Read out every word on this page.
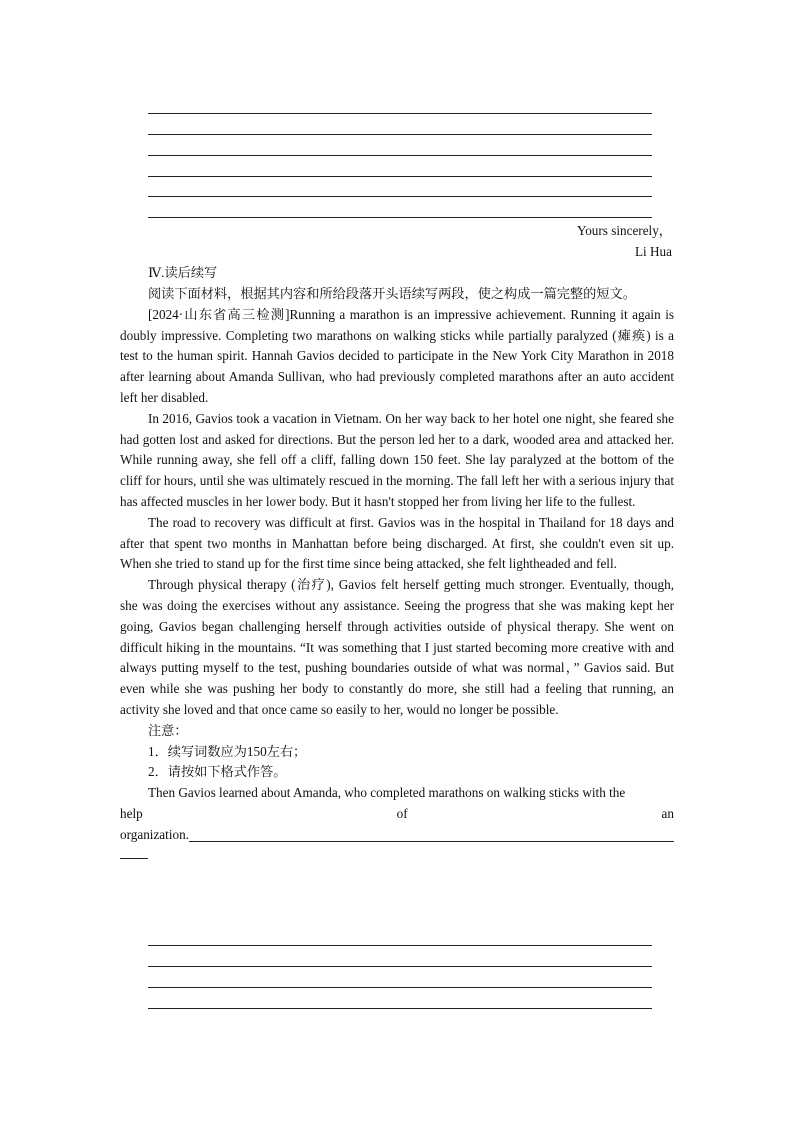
Yours sincerely，
Li Hua
Ⅳ.读后续写

阅读下面材料，根据其内容和所给段落开头语续写两段，使之构成一篇完整的短文。

[2024·山东省高三检测]Running a marathon is an impressive achievement. Running it again is doubly impressive. Completing two marathons on walking sticks while partially paralyzed (瘫痪) is a test to the human spirit. Hannah Gavios decided to participate in the New York City Marathon in 2018 after learning about Amanda Sullivan, who had previously completed marathons after an auto accident left her disabled.

In 2016, Gavios took a vacation in Vietnam. On her way back to her hotel one night, she feared she had gotten lost and asked for directions. But the person led her to a dark, wooded area and attacked her. While running away, she fell off a cliff, falling down 150 feet. She lay paralyzed at the bottom of the cliff for hours, until she was ultimately rescued in the morning. The fall left her with a serious injury that has affected muscles in her lower body. But it hasn't stopped her from living her life to the fullest.

The road to recovery was difficult at first. Gavios was in the hospital in Thailand for 18 days and after that spent two months in Manhattan before being discharged. At first, she couldn't even sit up. When she tried to stand up for the first time since being attacked, she felt lightheaded and fell.

Through physical therapy (治疗), Gavios felt herself getting much stronger. Eventually, though, she was doing the exercises without any assistance. Seeing the progress that she was making kept her going, Gavios began challenging herself through activities outside of physical therapy. She went on difficult hiking in the mountains. “It was something that I just started becoming more creative with and always putting myself to the test, pushing boundaries outside of what was normal，” Gavios said. But even while she was pushing her body to constantly do more, she still had a feeling that running, an activity she loved and that once came so easily to her, would no longer be possible.

注意：

1．续写词数应为150左右；

2．请按如下格式作答。

Then Gavios learned about Amanda, who completed marathons on walking sticks with the

help	of	an
organization.
